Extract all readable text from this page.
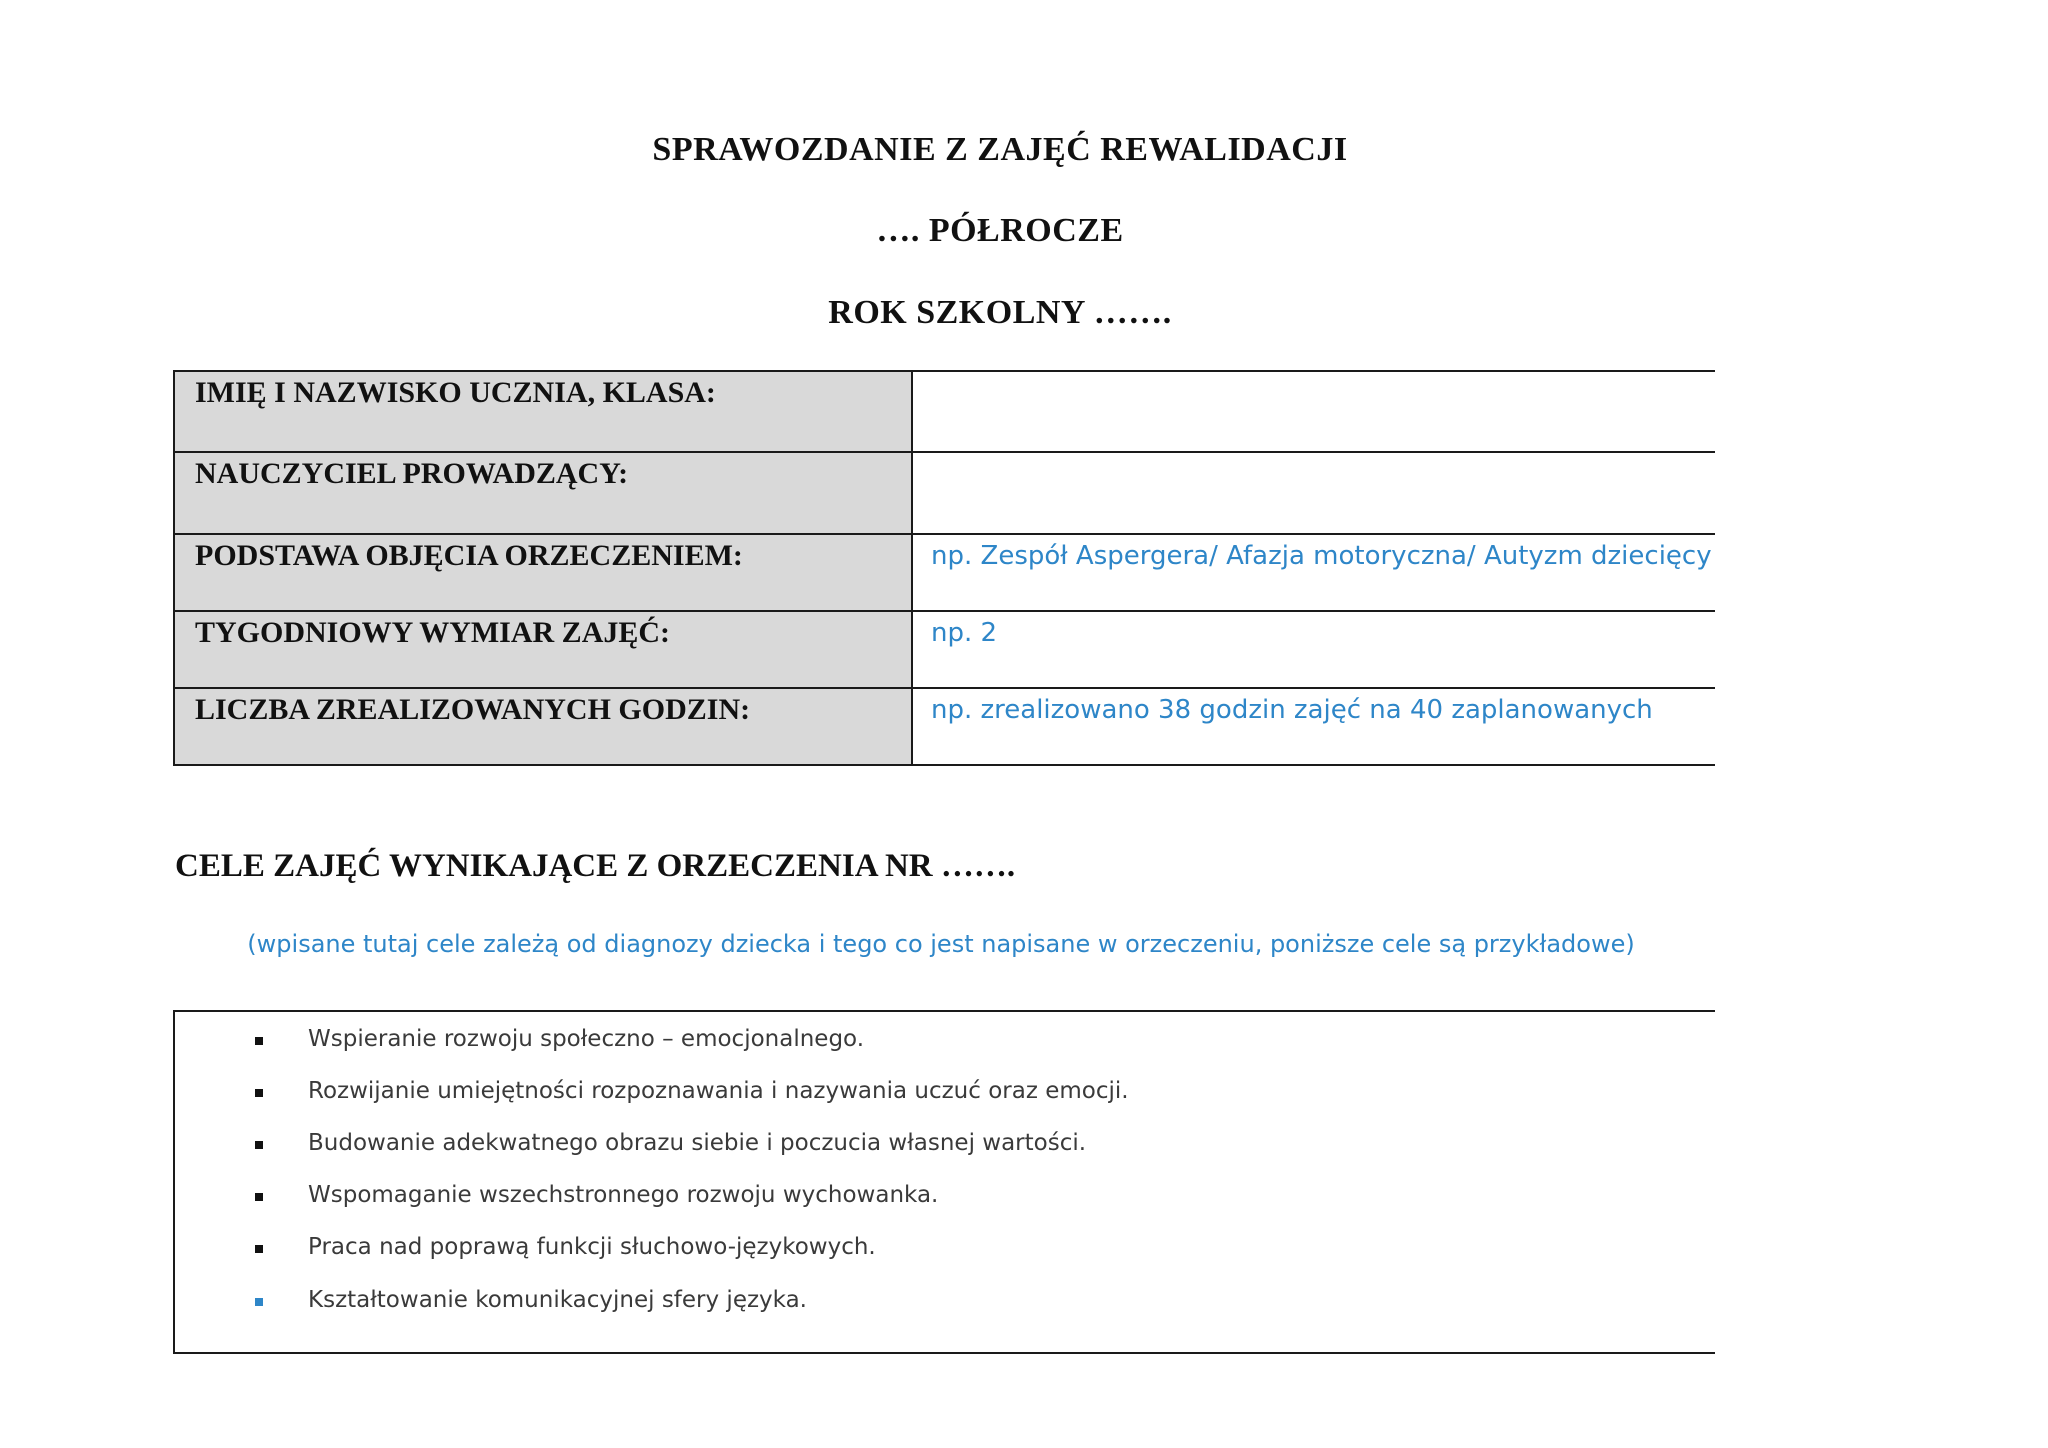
SPRAWOZDANIE Z ZAJĘĆ REWALIDACJI
…. PÓŁROCZE
ROK SZKOLNY …….
IMIĘ I NAZWISKO UCZNIA, KLASA:	
NAUCZYCIEL PROWADZĄCY:	
PODSTAWA OBJĘCIA ORZECZENIEM:	np. Zespół Aspergera/ Afazja motoryczna/ Autyzm dziecięcy
TYGODNIOWY WYMIAR ZAJĘĆ:	np. 2
LICZBA ZREALIZOWANYCH GODZIN:	np. zrealizowano 38 godzin zajęć na 40 zaplanowanych
CELE ZAJĘĆ WYNIKAJĄCE Z ORZECZENIA NR …….
(wpisane tutaj cele zależą od diagnozy dziecka i tego co jest napisane w orzeczeniu, poniższe cele są przykładowe)
Wspieranie rozwoju społeczno – emocjonalnego.
Rozwijanie umiejętności rozpoznawania i nazywania uczuć oraz emocji.
Budowanie adekwatnego obrazu siebie i poczucia własnej wartości.
Wspomaganie wszechstronnego rozwoju wychowanka.
Praca nad poprawą funkcji słuchowo-językowych.
Kształtowanie komunikacyjnej sfery języka.
